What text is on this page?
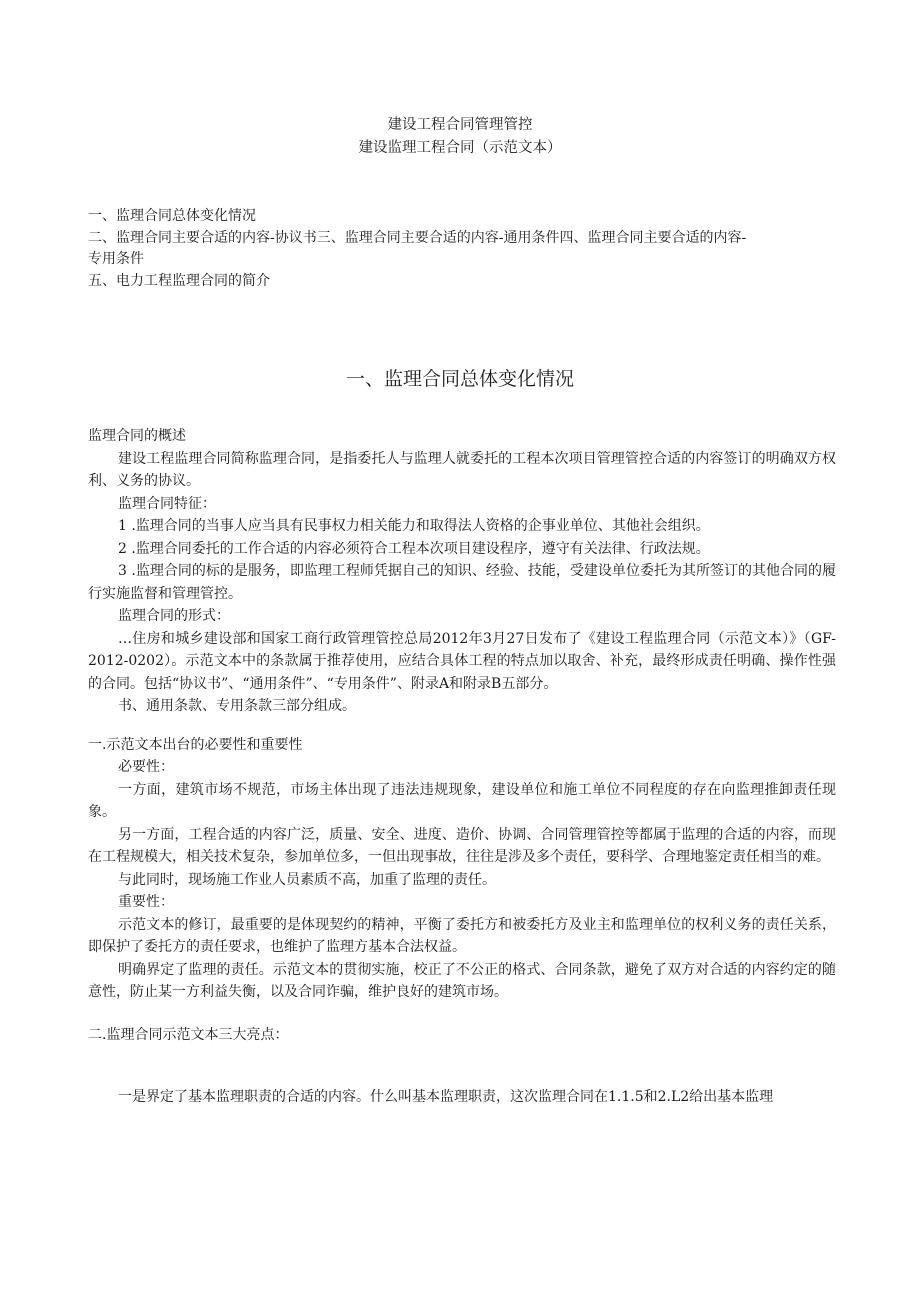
建设工程合同管理管控
建设监理工程合同（示范文本）
一、监理合同总体变化情况
二、监理合同主要合适的内容-协议书三、监理合同主要合适的内容-通用条件四、监理合同主要合适的内容-
专用条件
五、电力工程监理合同的简介
一、监理合同总体变化情况

监理合同的概述

建设工程监理合同简称监理合同，是指委托人与监理人就委托的工程本次项目管理管控合适的内容签订的明确双方权利、义务的协议。

监理合同特征：

1 .监理合同的当事人应当具有民事权力相关能力和取得法人资格的企事业单位、其他社会组织。

2 .监理合同委托的工作合适的内容必须符合工程本次项目建设程序，遵守有关法律、行政法规。

3 .监理合同的标的是服务，即监理工程师凭据自己的知识、经验、技能，受建设单位委托为其所签订的其他合同的履行实施监督和管理管控。

监理合同的形式：

…住房和城乡建设部和国家工商行政管理管控总局2012年3月27日发布了《建设工程监理合同（示范文本）》（GF-2012-0202）。示范文本中的条款属于推荐使用，应结合具体工程的特点加以取舍、补充，最终形成责任明确、操作性强的合同。包括“协议书”、“通用条件”、“专用条件”、附录A和附录B五部分。

书、通用条款、专用条款三部分组成。

一.示范文本出台的必要性和重要性

必要性：

一方面，建筑市场不规范，市场主体出现了违法违规现象，建设单位和施工单位不同程度的存在向监理推卸责任现象。

另一方面，工程合适的内容广泛，质量、安全、进度、造价、协调、合同管理管控等都属于监理的合适的内容，而现在工程规模大，相关技术复杂，参加单位多，一但出现事故，往往是涉及多个责任，要科学、合理地鉴定责任相当的难。

与此同时，现场施工作业人员素质不高，加重了监理的责任。

重要性：

示范文本的修订，最重要的是体现契约的精神，平衡了委托方和被委托方及业主和监理单位的权利义务的责任关系，即保护了委托方的责任要求，也维护了监理方基本合法权益。

明确界定了监理的责任。示范文本的贯彻实施，校正了不公正的格式、合同条款，避免了双方对合适的内容约定的随意性，防止某一方利益失衡，以及合同诈骗，维护良好的建筑市场。

二.监理合同示范文本三大亮点：

一是界定了基本监理职责的合适的内容。什么叫基本监理职责，这次监理合同在1.1.5和2.L2给出基本监理
